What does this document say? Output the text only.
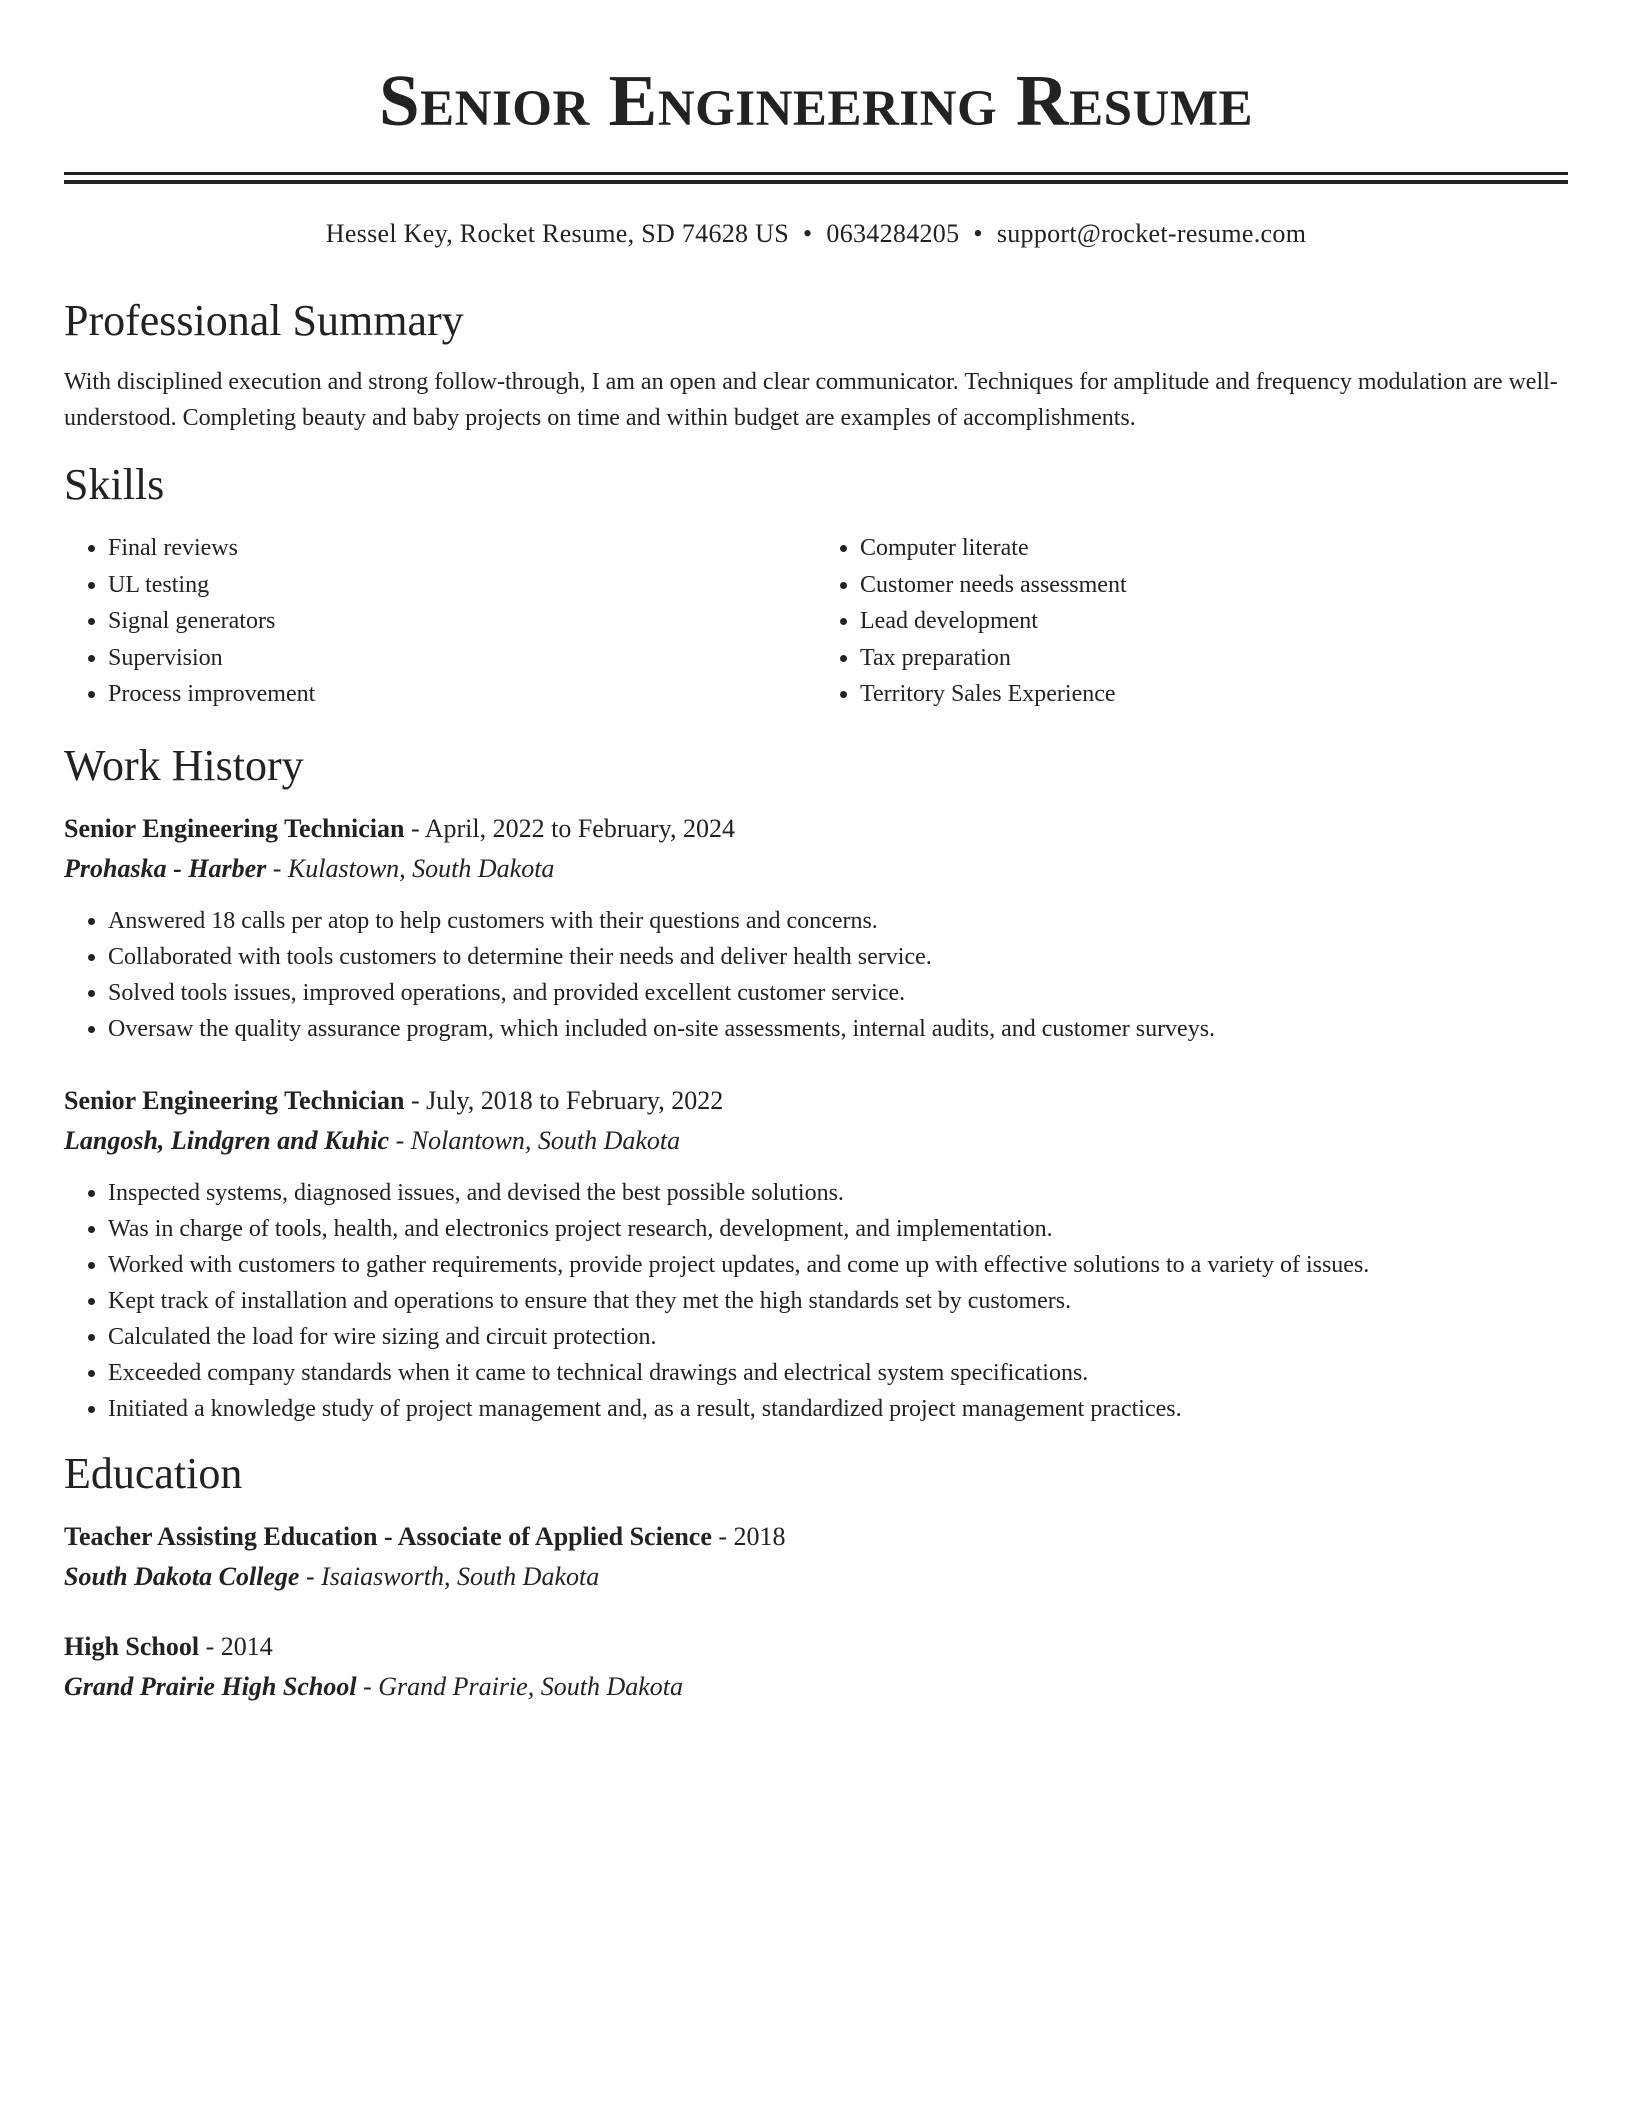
Senior Engineering Resume
Hessel Key, Rocket Resume, SD 74628 US • 0634284205 • support@rocket-resume.com
Professional Summary

With disciplined execution and strong follow-through, I am an open and clear communicator. Techniques for amplitude and frequency modulation are well-understood. Completing beauty and baby projects on time and within budget are examples of accomplishments.

Skills
• Final reviews
• UL testing
• Signal generators
• Supervision
• Process improvement
• Computer literate
• Customer needs assessment
• Lead development
• Tax preparation
• Territory Sales Experience
Work History
Senior Engineering Technician - April, 2022 to February, 2024
Prohaska - Harber - Kulastown, South Dakota
• Answered 18 calls per atop to help customers with their questions and concerns.
• Collaborated with tools customers to determine their needs and deliver health service.
• Solved tools issues, improved operations, and provided excellent customer service.
• Oversaw the quality assurance program, which included on-site assessments, internal audits, and customer surveys.
Senior Engineering Technician - July, 2018 to February, 2022
Langosh, Lindgren and Kuhic - Nolantown, South Dakota
• Inspected systems, diagnosed issues, and devised the best possible solutions.
• Was in charge of tools, health, and electronics project research, development, and implementation.
• Worked with customers to gather requirements, provide project updates, and come up with effective solutions to a variety of issues.
• Kept track of installation and operations to ensure that they met the high standards set by customers.
• Calculated the load for wire sizing and circuit protection.
• Exceeded company standards when it came to technical drawings and electrical system specifications.
• Initiated a knowledge study of project management and, as a result, standardized project management practices.
Education
Teacher Assisting Education - Associate of Applied Science - 2018
South Dakota College - Isaiasworth, South Dakota
High School - 2014
Grand Prairie High School - Grand Prairie, South Dakota
